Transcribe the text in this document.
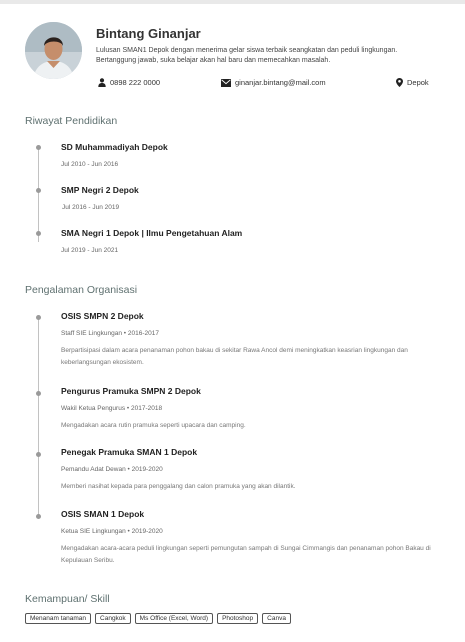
Bintang Ginanjar
Lulusan SMAN1 Depok dengan menerima gelar siswa terbaik seangkatan dan peduli lingkungan. Bertanggung jawab, suka belajar akan hal baru dan memecahkan masalah.
0898 222 0000	ginanjar.bintang@mail.com	Depok
Riwayat Pendidikan
SD Muhammadiyah Depok
Jul 2010 - Jun 2016
SMP Negri 2 Depok
Jul 2016 - Jun 2019
SMA Negri 1 Depok | Ilmu Pengetahuan Alam
Jul 2019 - Jun 2021
Pengalaman Organisasi
OSIS SMPN 2 Depok
Staff SIE Lingkungan • 2016-2017
Berpartisipasi dalam acara penanaman pohon bakau di sekitar Rawa Ancol demi meningkatkan keasrian lingkungan dan keberlangsungan ekosistem.
Pengurus Pramuka SMPN 2 Depok
Wakil Ketua Pengurus • 2017-2018
Mengadakan acara rutin pramuka seperti upacara dan camping.
Penegak Pramuka SMAN 1 Depok
Pemandu Adat Dewan • 2019-2020
Memberi nasihat kepada para penggalang dan calon pramuka yang akan dilantik.
OSIS SMAN 1 Depok
Ketua SIE Lingkungan • 2019-2020
Mengadakan acara-acara peduli lingkungan seperti pemungutan sampah di Sungai Cimmangis dan penanaman pohon Bakau di Kepulauan Seribu.
Kemampuan/ Skill
Menanam tanaman	Cangkok	Ms Office (Excel, Word)	Photoshop	Canva
